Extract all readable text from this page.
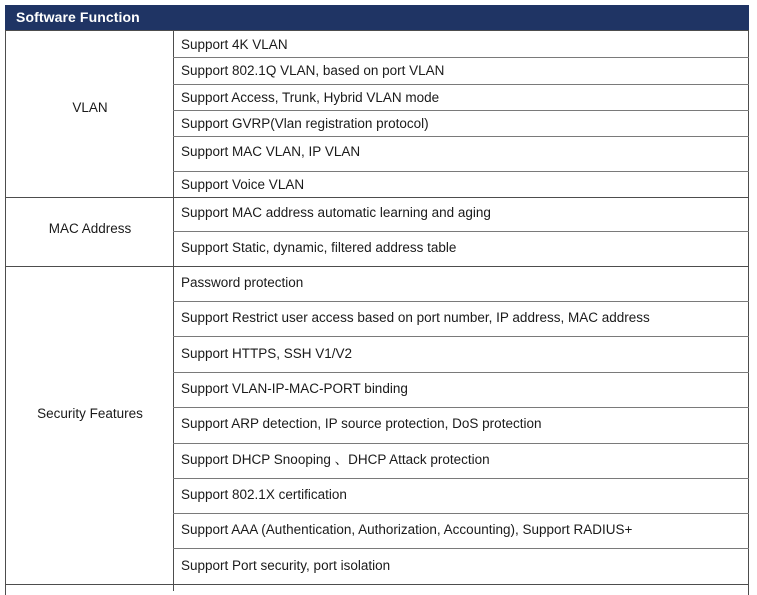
Software Function
VLAN
MAC Address
Security Features
Support 4K VLAN
Support 802.1Q VLAN, based on port VLAN
Support Access, Trunk, Hybrid VLAN mode
Support GVRP(Vlan registration protocol)
Support MAC VLAN, IP VLAN
Support Voice VLAN
Support MAC address automatic learning and aging
Support Static, dynamic, filtered address table
Password protection
Support Restrict user access based on port number, IP address, MAC address
Support HTTPS, SSH V1/V2
Support VLAN-IP-MAC-PORT binding
Support ARP detection, IP source protection, DoS protection
Support DHCP Snooping 、DHCP Attack protection
Support 802.1X certification
Support AAA (Authentication, Authorization, Accounting), Support RADIUS+
Support Port security, port isolation
